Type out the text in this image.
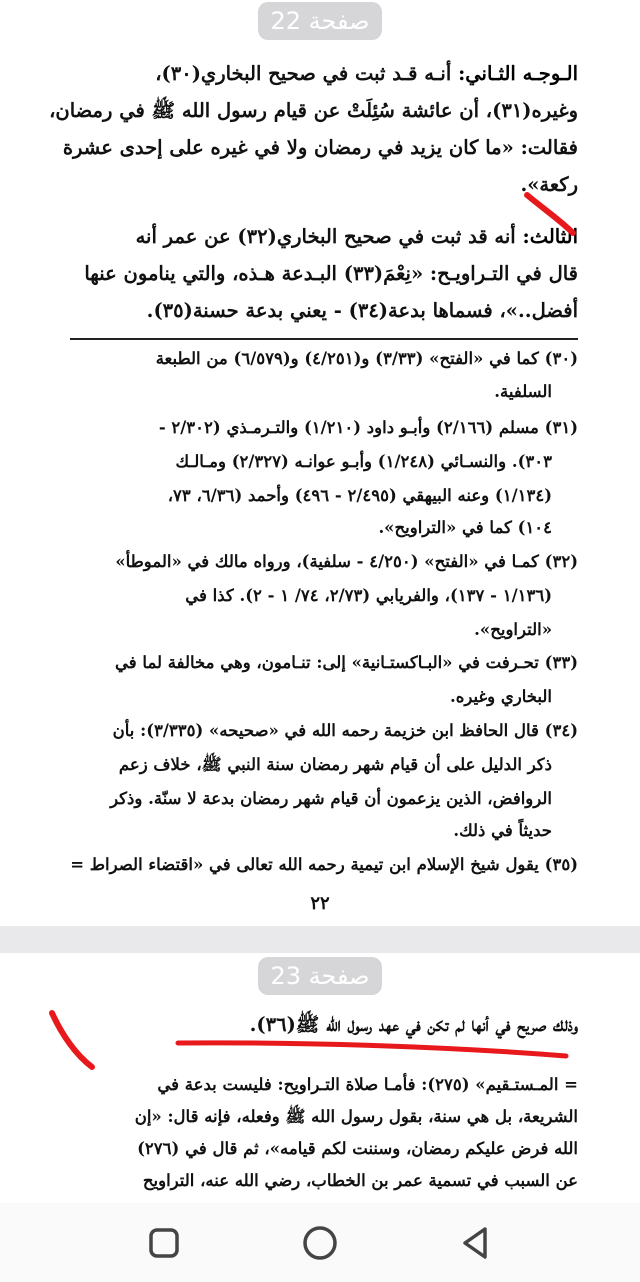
صفحة 22
الـوجـه الثـاني: أنـه قـد ثبت في صحيح البخاري(٣٠)،
وغيره(٣١)، أن عائشة سُئِلَتْ عن قيام رسول الله ﷺ في رمضان،
فقالت: «ما كان يزيد في رمضان ولا في غيره على إحدى عشرة
ركعة».
الثالث: أنه قد ثبت في صحيح البخاري(٣٢) عن عمر أنه
قال في التـراويـح: «نِعْمَ(٣٣) البـدعة هـذه، والتي ينامون عنها
أفضل..»، فسماها بدعة(٣٤) - يعني بدعة حسنة(٣٥).
(٣٠) كما في «الفتح» (٣/٣٣) و(٤/٢٥١) و(٦/٥٧٩) من الطبعة
السلفية.
(٣١) مسلم (٢/١٦٦) وأبـو داود (١/٢١٠) والتـرمـذي (٢/٣٠٢ -
٣٠٣). والنسـائي (١/٢٤٨) وأبـو عوانـه (٢/٣٢٧) ومـالـك
(١/١٣٤) وعنه البيهقي (٢/٤٩٥ - ٤٩٦) وأحمد (٦/٣٦، ٧٣،
١٠٤) كما في «التراويح».
(٣٢) كمـا في «الفتح» (٤/٢٥٠ - سلفية)، ورواه مالك في «الموطأ»
(١/١٣٦ - ١٣٧)، والفريابي (٢/٧٣، ٧٤/ ١ - ٢). كذا في
«التراويح».
(٣٣) تحـرفت في «البـاكستـانية» إلى: تنـامون، وهي مخالفة لما في
البخاري وغيره.
(٣٤) قال الحافظ ابن خزيمة رحمه الله في «صحيحه» (٣/٣٣٥): بأن
ذكر الدليل على أن قيام شهر رمضان سنة النبي ﷺ، خلاف زعم
الروافض، الذين يزعمون أن قيام شهر رمضان بدعة لا سنّة. وذكر
حديثاً في ذلك.
(٣٥) يقول شيخ الإسلام ابن تيمية رحمه الله تعالى في «اقتضاء الصراط =
٢٢
صفحة 23
وذلك صريح في أنها لم تكن في عهد رسول الله ﷺ(٣٦).
= المـستـقيم» (٢٧٥): فأمـا صلاة التـراويح: فليست بدعة في
الشريعة، بل هي سنة، بقول رسول الله ﷺ وفعله، فإنه قال: «إن
الله فرض عليكم رمضان، وسننت لكم قيامه»، ثم قال في (٢٧٦)
عن السبب في تسمية عمر بن الخطاب، رضي الله عنه، التراويح
